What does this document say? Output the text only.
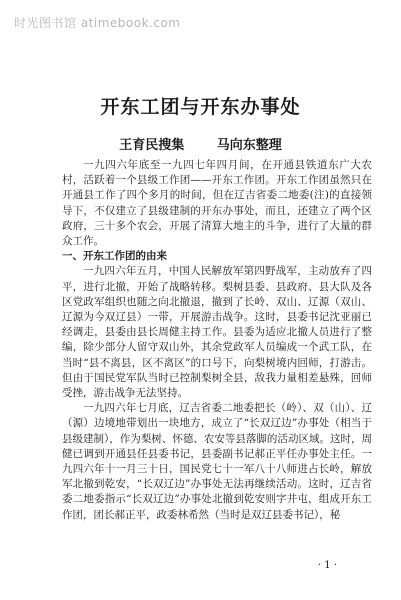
时光图书馆 atimebook.com
开东工团与开东办事处
王育民搜集	马向东整理

一九四六年底至一九四七年四月间，在开通县铁道东广大农村，活跃着一个县级工作团——开东工作团。开东工作团虽然只在开通县工作了四个多月的时间，但在辽吉省委二地委(注)的直接领导下，不仅建立了县级建制的开东办事处，而且，还建立了两个区政府，三十多个农会，开展了清算大地主的斗争，进行了大量的群众工作。

一、开东工作团的由来

一九四六年五月，中国人民解放军第四野战军，主动放弃了四平，进行北撤，开始了战略转移。梨树县委、县政府、县大队及各区党政军组织也随之向北撤退，撤到了长岭、双山、辽源（双山、辽源为今双辽县）一带，开展游击战争。这时，县委书记沈亚丽已经调走，县委由县长周健主持工作。县委为适应北撤人员进行了整编，除少部分人留守双山外，其余党政军人员编成一个武工队，在当时“县不离县，区不离区”的口号下，向梨树境内回师，打游击。但由于国民党军队当时已控制梨树全县，敌我力量相差悬殊，回师受挫，游击战争无法坚持。

一九四六年七月底，辽吉省委二地委把长（岭）、双（山）、辽（源）边境地带划出一块地方，成立了“长双辽边”办事处（相当于县级建制），作为梨树、怀德、农安等县落脚的活动区域。这时，周健已调到开通县任县委书记，县委副书记郝正平任办事处主任。一九四六年十一月三十日，国民党七十一军八十八师进占长岭，解放军北撤到乾安，“长双辽边”办事处无法再继续活动。这时，辽吉省委二地委指示“长双辽边”办事处北撤到乾安则字井屯，组成开东工作团，团长郝正平，政委林希然（当时是双辽县委书记），秘

· 1 ·
